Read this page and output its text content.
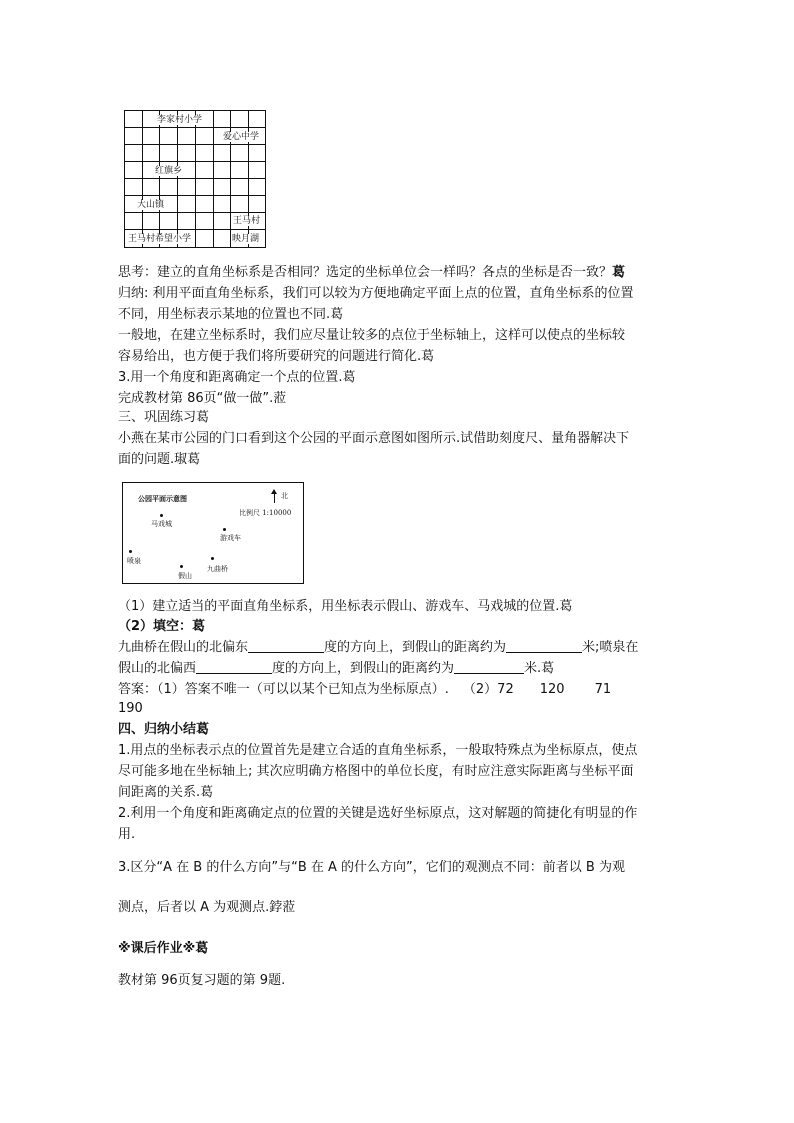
李家村小学
爱心中学
红旗乡
大山镇
王马村
王马村希望小学	映月湖
思考：建立的直角坐标系是否相同？选定的坐标单位会一样吗？各点的坐标是否一致？葛
归纳: 利用平面直角坐标系，我们可以较为方便地确定平面上点的位置，直角坐标系的位置
不同，用坐标表示某地的位置也不同.葛
一般地，在建立坐标系时，我们应尽量让较多的点位于坐标轴上，这样可以使点的坐标较
容易给出，也方便于我们将所要研究的问题进行简化.葛
3.用一个角度和距离确定一个点的位置.葛
完成教材第 86页“做一做”.蒞
三、巩固练习葛
小燕在某市公园的门口看到这个公园的平面示意图如图所示.试借助刻度尺、量角器解决下
面的问题.琡葛
公园平面示意图	北
比例尺 1:10000
马戏城
游戏车
喷泉
九曲桥
假山
（1）建立适当的平面直角坐标系，用坐标表示假山、游戏车、马戏城的位置.葛
（2）填空：葛
九曲桥在假山的北偏东	度的方向上，到假山的距离约为	米;喷泉在
假山的北偏西	度的方向上，到假山的距离约为	米.葛
答案：（1）答案不唯一（可以以某个已知点为坐标原点）. （2）72 120 71
190
四、归纳小结葛
1.用点的坐标表示点的位置首先是建立合适的直角坐标系，一般取特殊点为坐标原点，使点
尽可能多地在坐标轴上; 其次应明确方格图中的单位长度，有时应注意实际距离与坐标平面
间距离的关系.葛
2.利用一个角度和距离确定点的位置的关键是选好坐标原点，这对解题的简捷化有明显的作
用.
3.区分“A 在 B 的什么方向”与“B 在 A 的什么方向”，它们的观测点不同：前者以 B 为观
测点，后者以 A 为观测点.鋍蒞
※课后作业※葛
教材第 96页复习题的第 9题.
